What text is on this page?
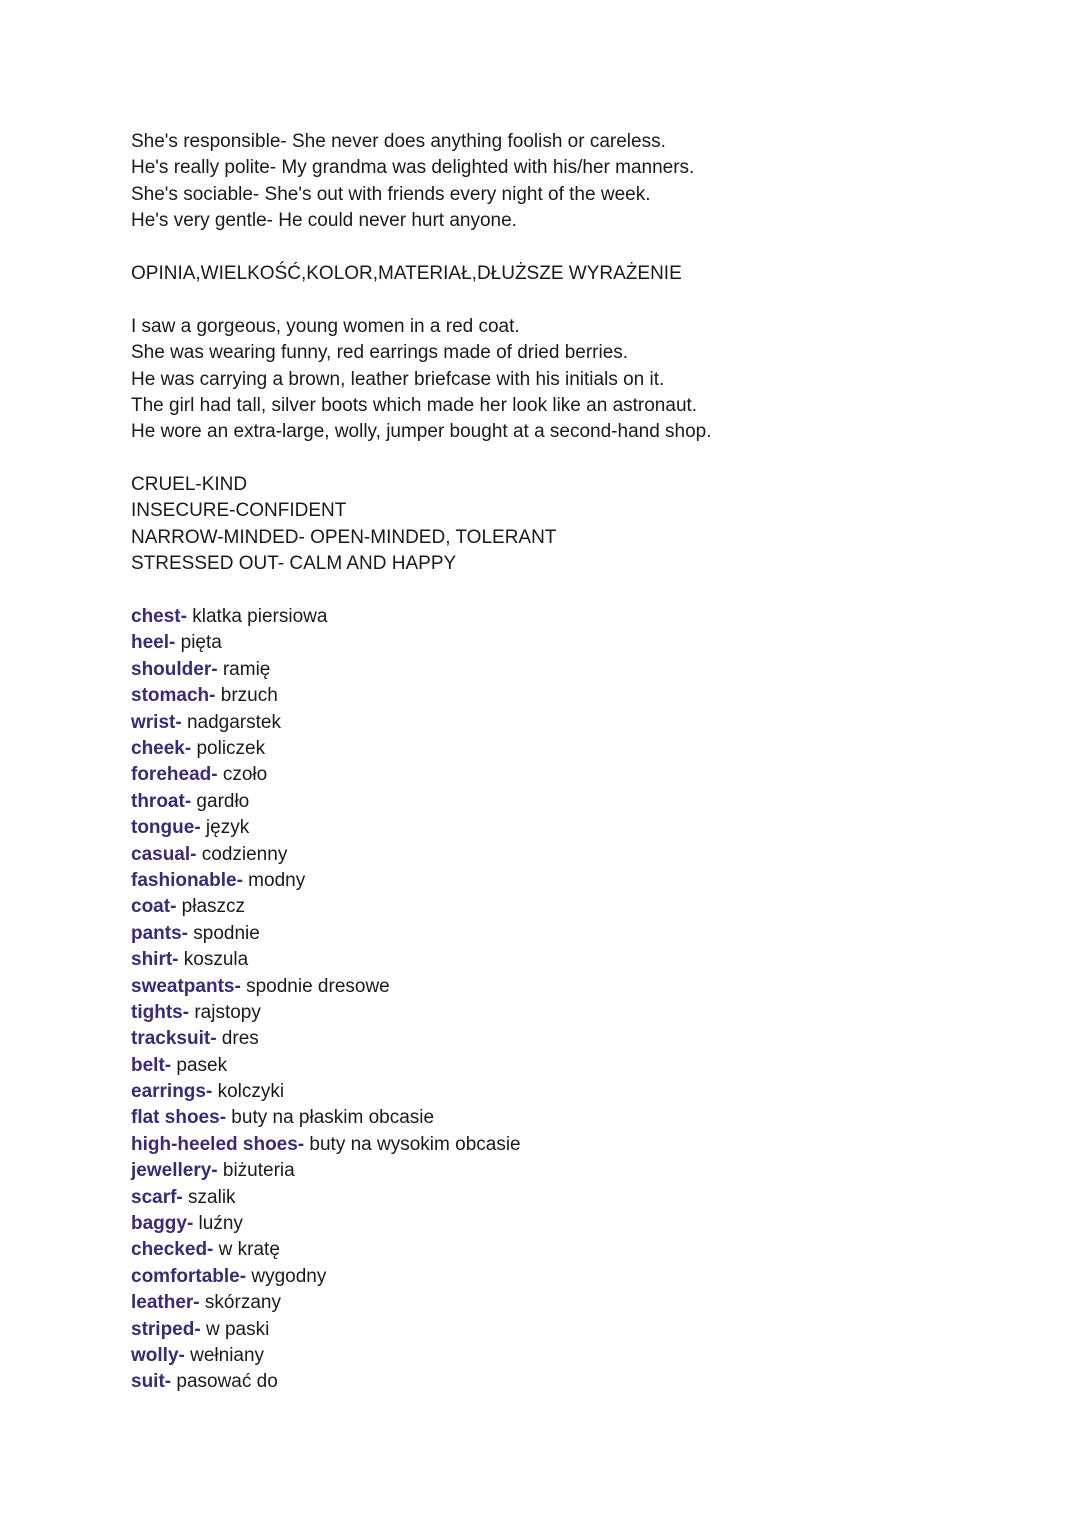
She's responsible- She never does anything foolish or careless.
He's really polite- My grandma was delighted with his/her manners.
She's sociable- She's out with friends every night of the week.
He's very gentle- He could never hurt anyone.
OPINIA,WIELKOŚĆ,KOLOR,MATERIAŁ,DŁUŻSZE WYRAŻENIE
I saw a gorgeous, young women in a red coat.
She was wearing funny, red earrings made of dried berries.
He was carrying a brown, leather briefcase with his initials on it.
The girl had tall, silver boots which made her look like an astronaut.
He wore an extra-large, wolly, jumper bought at a second-hand shop.
CRUEL-KIND
INSECURE-CONFIDENT
NARROW-MINDED- OPEN-MINDED, TOLERANT
STRESSED OUT- CALM AND HAPPY
chest- klatka piersiowa
heel- pięta
shoulder- ramię
stomach- brzuch
wrist- nadgarstek
cheek- policzek
forehead- czoło
throat- gardło
tongue- język
casual- codzienny
fashionable- modny
coat- płaszcz
pants- spodnie
shirt- koszula
sweatpants- spodnie dresowe
tights- rajstopy
tracksuit- dres
belt- pasek
earrings- kolczyki
flat shoes- buty na płaskim obcasie
high-heeled shoes- buty na wysokim obcasie
jewellery- biżuteria
scarf- szalik
baggy- luźny
checked- w kratę
comfortable- wygodny
leather- skórzany
striped- w paski
wolly- wełniany
suit- pasować do
